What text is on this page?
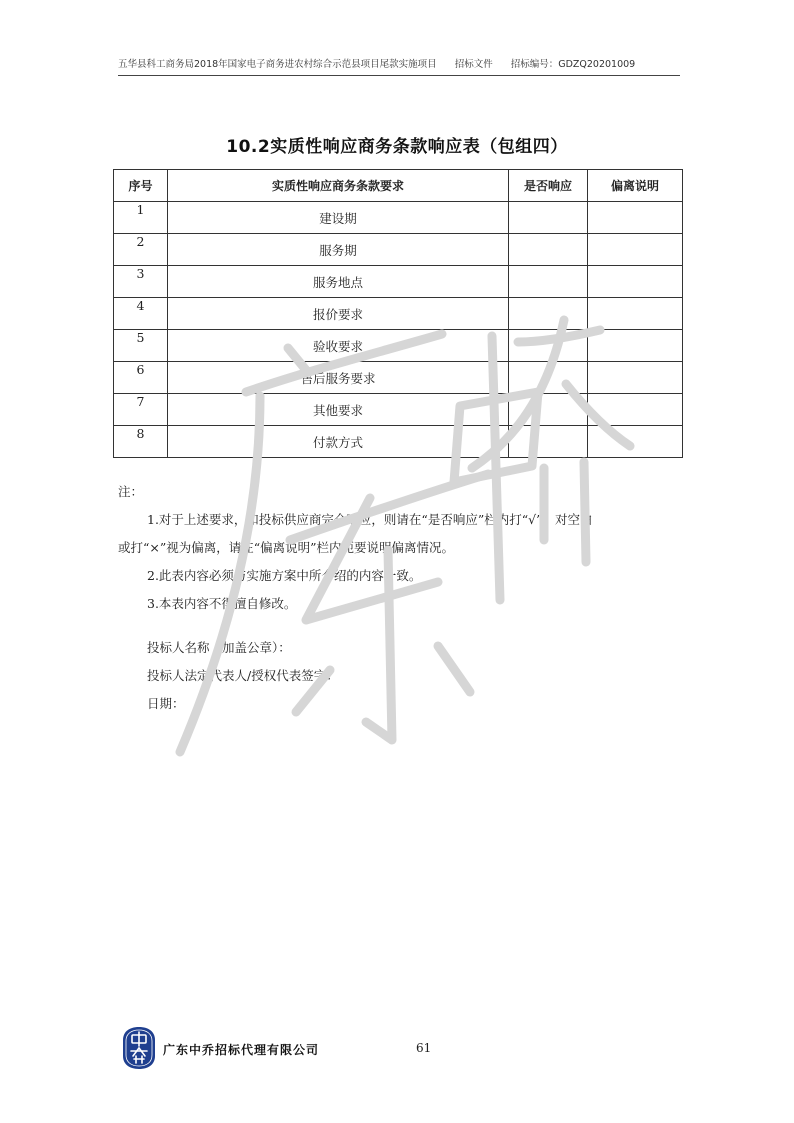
五华县科工商务局2018年国家电子商务进农村综合示范县项目尾款实施项目 招标文件 招标编号：GDZQ20201009
10.2实质性响应商务条款响应表（包组四）
序号	实质性响应商务条款要求	是否响应	偏离说明
1	建设期		
2	服务期		
3	服务地点		
4	报价要求		
5	验收要求		
6	售后服务要求		
7	其他要求		
8	付款方式		

注：

1.对于上述要求，如投标供应商完全响应，则请在“是否响应”栏内打“√”，对空白

或打“×”视为偏离，请在“偏离说明”栏内扼要说明偏离情况。

2.此表内容必须与实施方案中所介绍的内容一致。

3.本表内容不得擅自修改。

投标人名称（加盖公章）：

投标人法定代表人/授权代表签字：

日期：

广东中乔招标代理有限公司	61
